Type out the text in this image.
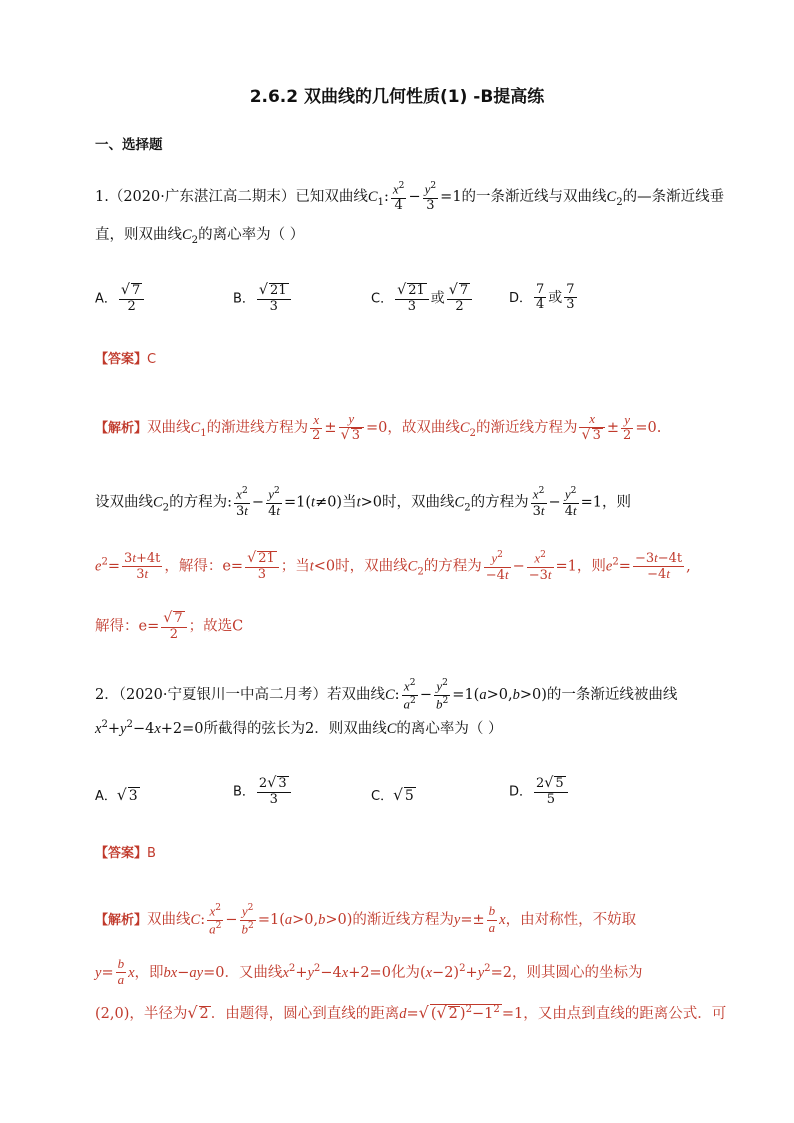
2.6.2 双曲线的几何性质(1) -B提高练
一、选择题
1.（2020·广东湛江高二期末）已知双曲线$C_1$: $\frac{x^2}{4} - \frac{y^2}{3} =1$的一条渐近线与双曲线$C_2$的—条渐近线垂
直，则双曲线$C_2$的离心率为（ ）
A． $\frac{√ 7}{2}$	B． $\frac{√ 21}{3}$	C． $\frac{√ 21}{3}$ 或 $\frac{√ 7}{2}$	D． $\frac{7}{4}$ 或 $\frac{7}{3}$
【答案】C
【解析】双曲线$C_1$的渐进线方程为 $\frac{x}{2} \pm \frac{y}{√ 3} =0$，故双曲线$C_2$的渐近线方程为 $\frac{x}{√ 3} \pm \frac{y}{2} =0$.
设双曲线$C_2$的方程为: $\frac{x^2}{3t} - \frac{y^2}{4t} =1(t\ne 0)$当t>0时，双曲线$C_2$的方程为 $\frac{x^2}{3t} - \frac{y^2}{4t} =1$，则
$e^2= \frac{3t+4t}{3t}$ ，解得：$e= \frac{√ 21}{3}$ ；当t<0时，双曲线$C_2$的方程为 $\frac{y^2}{-4t} - \frac{x^2}{-3t} =1$，则$e^2= \frac{-3t-4t}{-4t}$ ,
解得：$e= \frac{√ 7}{2}$ ；故选C
2．（2020·宁夏银川一中高二月考）若双曲线C: $\frac{x^2}{a^2} - \frac{y^2}{b^2} =1(a>0,b>0)$的一条渐近线被曲线
$x^2+y^2-4x+2=0$所截得的弦长为2．则双曲线C的离心率为（ ）
A．√ 3	B． $\frac{2√ 3}{3}$	C．√ 5	D． $\frac{2√ 5}{5}$
【答案】B
【解析】双曲线C: $\frac{x^2}{a^2} - \frac{y^2}{b^2} =1(a>0,b>0)$的渐近线方程为$y=\pm \frac{b}{a}$ x，由对称性，不妨取
$y= \frac{b}{a}$ x，即bx−ay=0．又曲线$x^2+y^2-4x+2=0$化为$(x-2)^2+y^2=2$，则其圆心的坐标为
(2,0)，半径为√ 2 ．由题得，圆心到直线的距离d=√ (√ 2 )$^2-1^2 =1$，又由点到直线的距离公式．可
